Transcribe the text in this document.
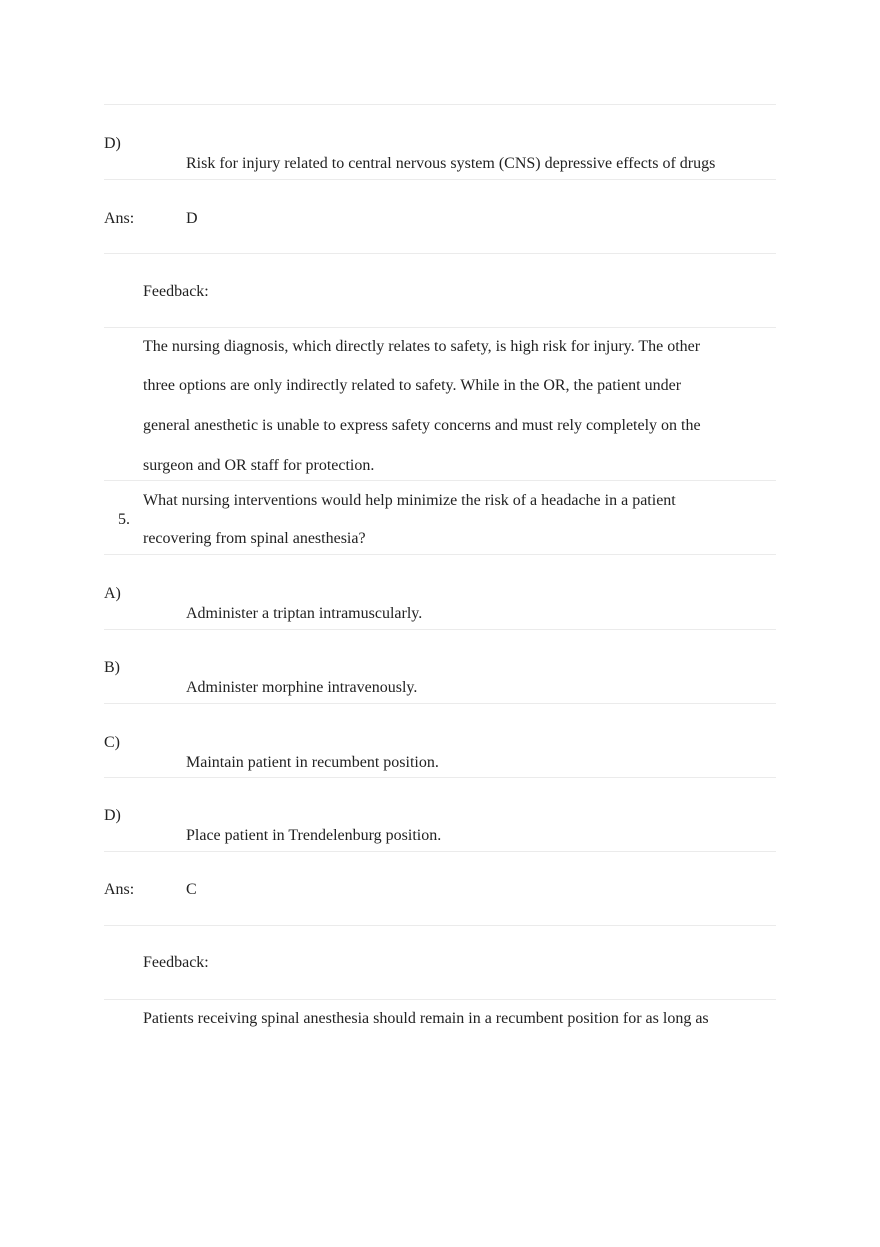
D)
Risk for injury related to central nervous system (CNS) depressive effects of drugs
Ans:	D
Feedback:
The nursing diagnosis, which directly relates to safety, is high risk for injury. The other
three options are only indirectly related to safety. While in the OR, the patient under
general anesthetic is unable to express safety concerns and must rely completely on the
surgeon and OR staff for protection.
5.
What nursing interventions would help minimize the risk of a headache in a patient
recovering from spinal anesthesia?
A)
Administer a triptan intramuscularly.
B)
Administer morphine intravenously.
C)
Maintain patient in recumbent position.
D)
Place patient in Trendelenburg position.
Ans:	C
Feedback:
Patients receiving spinal anesthesia should remain in a recumbent position for as long as
